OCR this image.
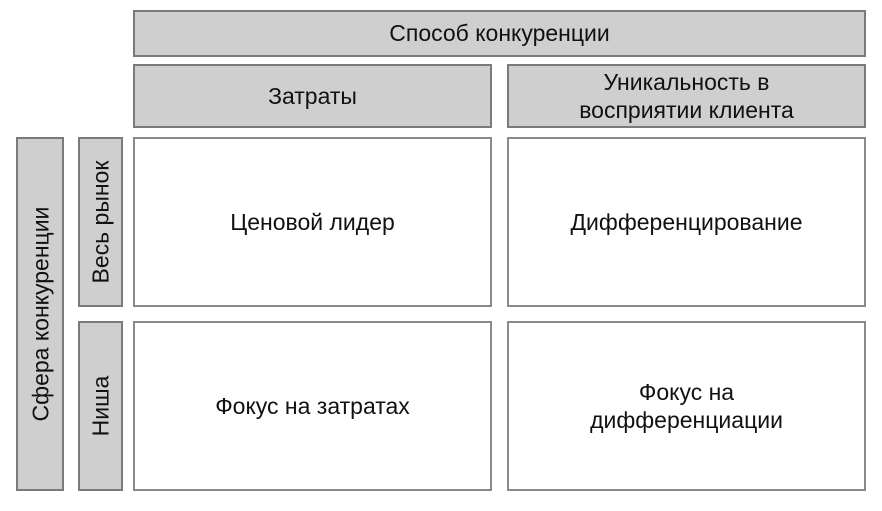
Способ конкуренции
Затраты
Уникальность в восприятии клиента
Сфера конкуренции Весь рынок
Ниша
Ценовой лидер	Дифференцирование
Фокус на затратах
Фокус на дифференциации
